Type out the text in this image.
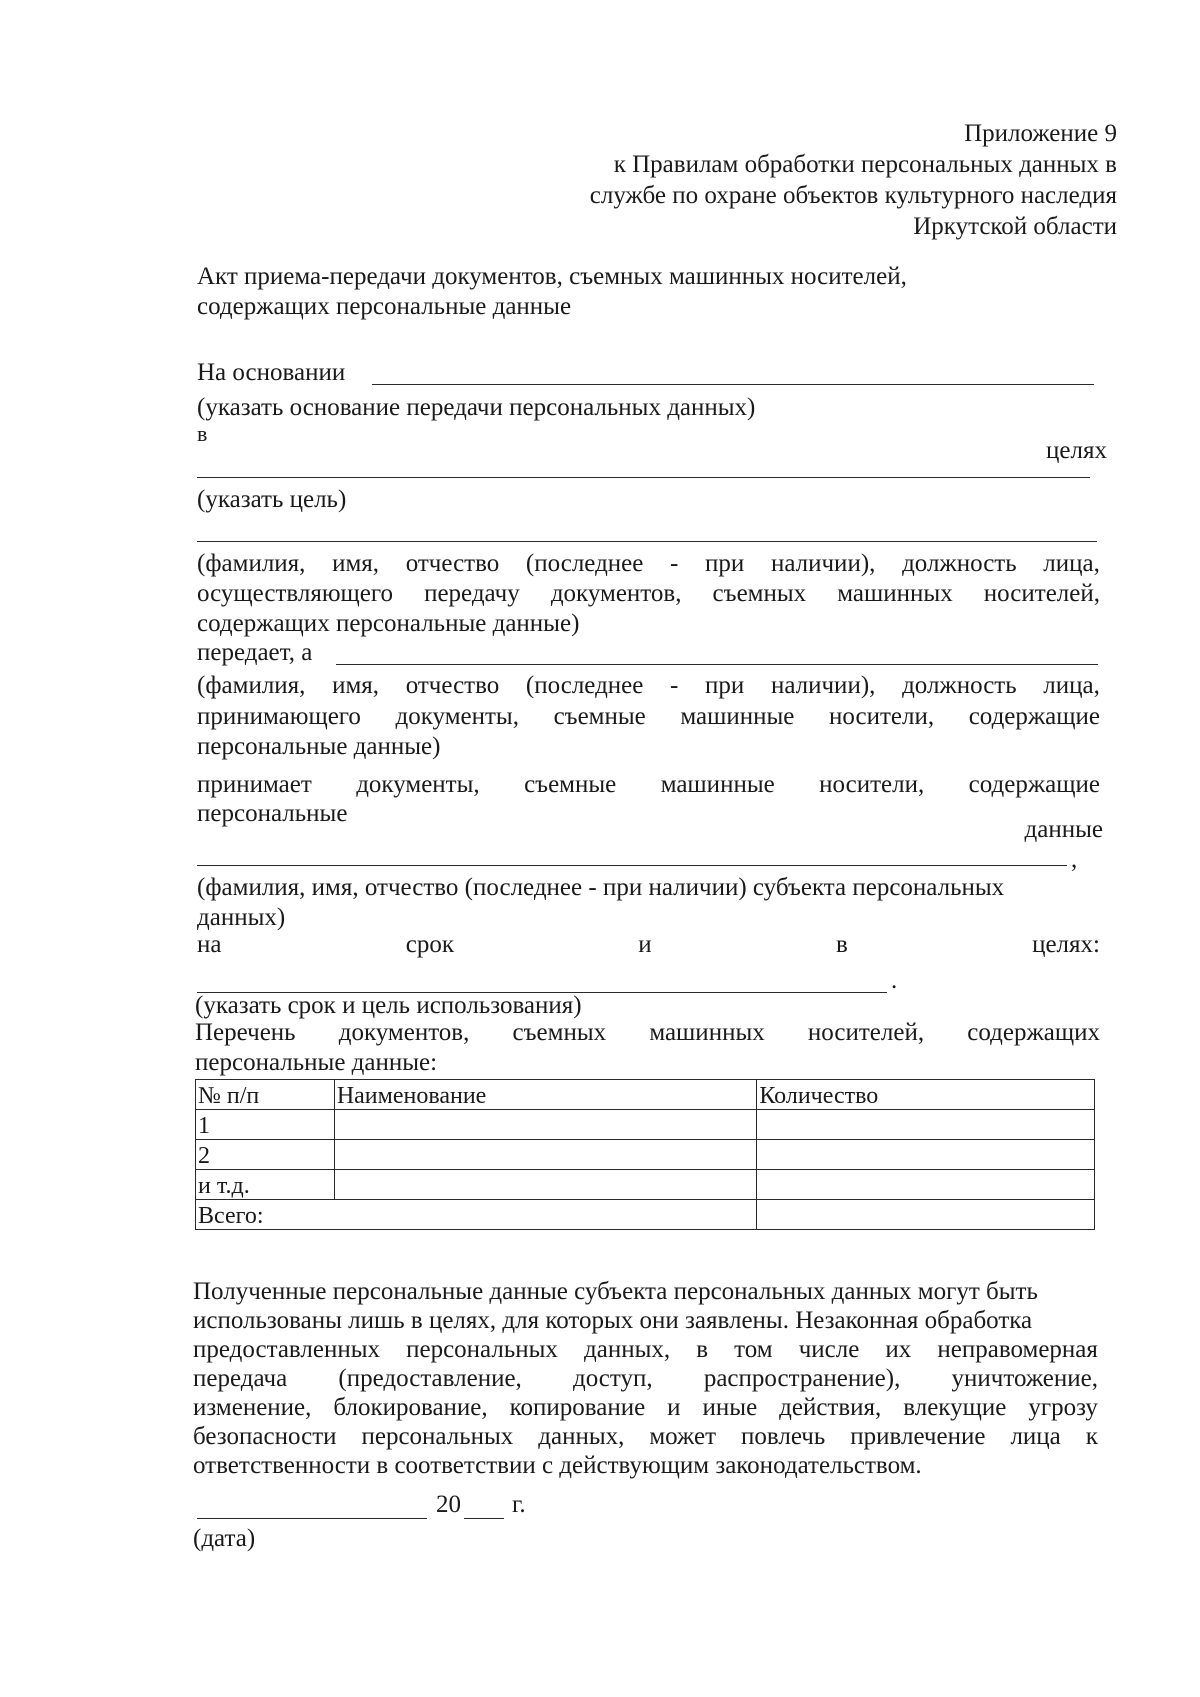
Приложение 9
к Правилам обработки персональных данных в
службе по охране объектов культурного наследия
Иркутской области
Акт приема-передачи документов, съемных машинных носителей,
содержащих персональные данные
На основании
(указать основание передачи персональных данных)
в
целях
(указать цель)
(фамилия, имя, отчество (последнее - при наличии), должность лица,
осуществляющего передачу документов, съемных машинных носителей,
содержащих персональные данные)
передает, а
(фамилия, имя, отчество (последнее - при наличии), должность лица,
принимающего документы, съемные машинные носители, содержащие
персональные данные)
принимает документы, съемные машинные носители, содержащие
персональные
данные
,
(фамилия, имя, отчество (последнее - при наличии) субъекта персональных
данных)
на	срок	и	в	целях:
.
(указать срок и цель использования)
Перечень документов, съемных машинных носителей, содержащих
персональные данные:
№ п/п	Наименование	Количество
1		
2		
и т.д.		
Всего:		
Полученные персональные данные субъекта персональных данных могут быть
использованы лишь в целях, для которых они заявлены. Незаконная обработка
предоставленных персональных данных, в том числе их неправомерная
передача (предоставление, доступ, распространение), уничтожение,
изменение, блокирование, копирование и иные действия, влекущие угрозу
безопасности персональных данных, может повлечь привлечение лица к
ответственности в соответствии с действующим законодательством.
20 г.
(дата)
